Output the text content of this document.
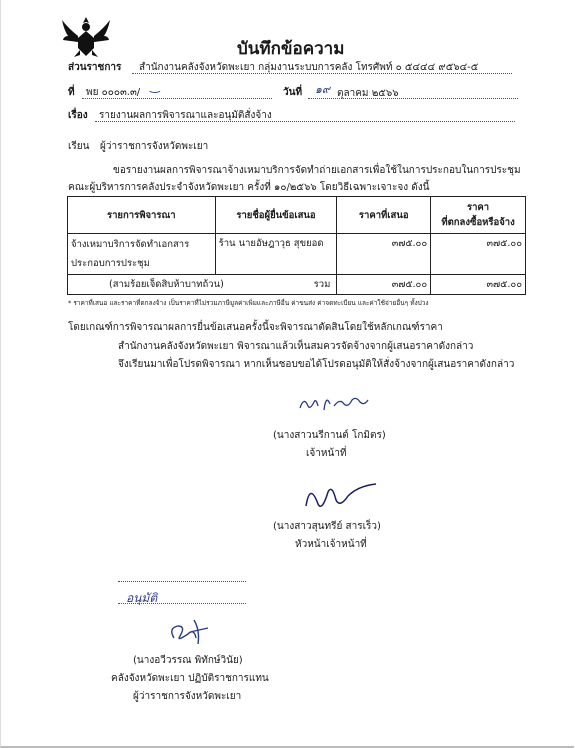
บันทึกข้อความ
ส่วนราชการ สำนักงานคลังจังหวัดพะเยา กลุ่มงานระบบการคลัง โทรศัพท์ ๐ ๕๔๔๔ ๙๕๖๔-๕
ที่ พย ๐๐๐๓.๓/ ‿	วันที่ ๑๙ ตุลาคม ๒๕๖๖
เรื่อง รายงานผลการพิจารณาและอนุมัติสั่งจ้าง
เรียน ผู้ว่าราชการจังหวัดพะเยา
ขอรายงานผลการพิจารณาจ้างเหมาบริการจัดทำถ่ายเอกสารเพื่อใช้ในการประกอบในการประชุม
คณะผู้บริหารการคลังประจำจังหวัดพะเยา ครั้งที่ ๑๐/๒๕๖๖ โดยวิธีเฉพาะเจาะจง ดังนี้
รายการพิจารณา	รายชื่อผู้ยื่นข้อเสนอ	ราคาที่เสนอ	ราคา
ที่ตกลงซื้อหรือจ้าง

จ้างเหมาบริการจัดทำเอกสาร
ประกอบการประชุม	ร้าน นายอัษฎาวุธ สุขยอด	๓๗๕.๐๐	๓๗๕.๐๐
(สามร้อยเจ็ดสิบห้าบาทถ้วน) รวม		๓๗๕.๐๐	๓๗๕.๐๐
* ราคาที่เสนอ และราคาที่ตกลงจ้าง เป็นราคาที่ไม่รวมภาษีมูลค่าเพิ่มและภาษีอื่น ค่าขนส่ง ค่าจดทะเบียน และค่าใช้จ่ายอื่นๆ ทั้งปวง
โดยเกณฑ์การพิจารณาผลการยื่นข้อเสนอครั้งนี้จะพิจารณาตัดสินโดยใช้หลักเกณฑ์ราคา
สำนักงานคลังจังหวัดพะเยา พิจารณาแล้วเห็นสมควรจัดจ้างจากผู้เสนอราคาดังกล่าว
จึงเรียนมาเพื่อโปรดพิจารณา หากเห็นชอบขอได้โปรดอนุมัติให้สั่งจ้างจากผู้เสนอราคาดังกล่าว
(นางสาวนรีกานต์ โกมิตร)
เจ้าหน้าที่
(นางสาวสุนทรีย์ สารเร็ว)
หัวหน้าเจ้าหน้าที่
อนุมัติ
(นางอวีวรรณ พิทักษ์วินัย)
คลังจังหวัดพะเยา ปฏิบัติราชการแทน
ผู้ว่าราชการจังหวัดพะเยา
